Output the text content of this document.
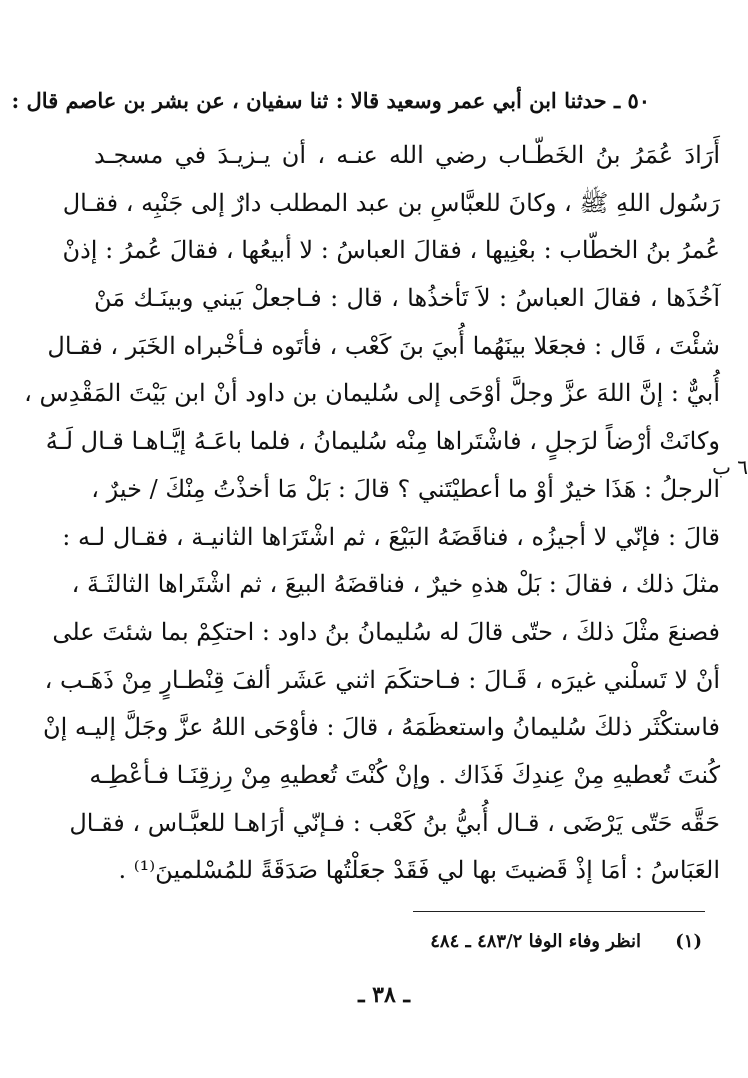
٥٠ ـ حدثنا ابن أبي عمر وسعيد قالا : ثنا سفيان ، عن بشر بن عاصم قال :
٦ ب
أَرَادَ عُمَرُ بنُ الخَطّـاب رضي الله عنـه ، أن يـزيـدَ في مسجـد
رَسُول اللهِ ﷺ ، وكانَ للعبَّاسِ بن عبد المطلب دارٌ إلى جَنْبِه ، فقـال
عُمرُ بنُ الخطّاب : بعْنِيها ، فقالَ العباسُ : لا أبيعُها ، فقالَ عُمرُ : إذنْ
آخُذَها ، فقالَ العباسُ : لاَ تَأخذُها ، قال : فـاجعلْ بَيني وبينَـك مَنْ
شئْتَ ، قَال : فجعَلا بينَهُما أُبيَ بنَ كَعْب ، فأتَوه فـأخْبراه الخَبَر ، فقـال
أُبيٌّ : إنَّ اللهَ عزَّ وجلَّ أوْحَى إلى سُليمان بن داود أنْ ابن بَيْتَ المَقْدِس ،
وكانَتْ أرْضاً لرَجلٍ ، فاشْتَراها مِنْه سُليمانُ ، فلما باعَـهُ إيَّـاهـا قـال لَـهُ
الرجلُ : هَذَا خيرٌ أوْ ما أعطيْتَني ؟ قالَ : بَلْ مَا أخذْتُ مِنْكَ / خيرٌ ،
قالَ : فإنّي لا أجيزُه ، فناقَضَهُ البَيْعَ ، ثم اشْتَرَاها الثانيـة ، فقـال لـه :
مثلَ ذلك ، فقالَ : بَلْ هذهِ خيرٌ ، فناقضَهُ البيعَ ، ثم اشْتَراها الثالثَـةَ ،
فصنعَ مثْلَ ذلكَ ، حتّى قالَ له سُليمانُ بنُ داود : احتكِمْ بما شئتَ على
أنْ لا تَسلْني غيرَه ، قَـالَ : فـاحتكَمَ اثني عَشَر ألفَ قِنْطـارٍ مِنْ ذَهَـب ،
فاستكْثَر ذلكَ سُليمانُ واستعظَمَهُ ، قالَ : فأوْحَى اللهُ عزَّ وجَلَّ إليـه إنْ
كُنتَ تُعطيهِ مِنْ عِندِكَ فَذَاك . وإنْ كُنْتَ تُعطيهِ مِنْ رِزقِنَـا فـأعْطِـه
حَقَّه حَتّى يَرْضَى ، قـال أُبيُّ بنُ كَعْب : فـإنّي أرَاهـا للعبَّـاس ، فقـال
العَبَاسُ : أمَا إذْ قَضيتَ بها لي فَقَدْ جعَلْتُها صَدَقَةً للمُسْلمينَ⁽¹⁾ .
(١) انظر وفاء الوفا ٤٨٣/٢ ـ ٤٨٤
ـ ٣٨ ـ
